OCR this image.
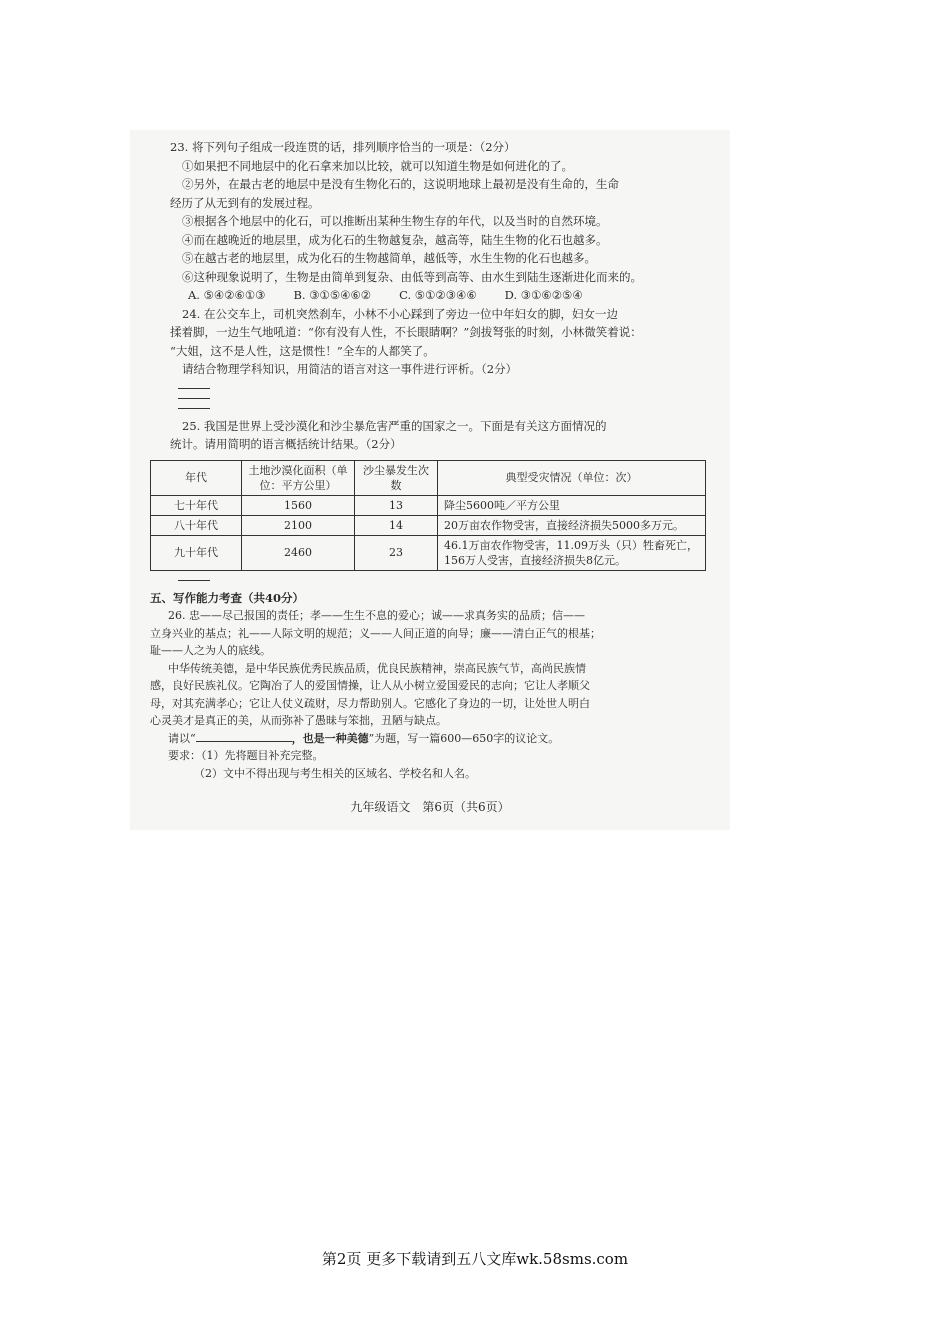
23. 将下列句子组成一段连贯的话，排列顺序恰当的一项是：（2分）
①如果把不同地层中的化石拿来加以比较，就可以知道生物是如何进化的了。
②另外，在最古老的地层中是没有生物化石的，这说明地球上最初是没有生命的，生命
经历了从无到有的发展过程。
③根据各个地层中的化石，可以推断出某种生物生存的年代，以及当时的自然环境。
④而在越晚近的地层里，成为化石的生物越复杂，越高等，陆生生物的化石也越多。
⑤在越古老的地层里，成为化石的生物越简单，越低等，水生生物的化石也越多。
⑥这种现象说明了，生物是由简单到复杂、由低等到高等、由水生到陆生逐渐进化而来的。
A. ⑤④②⑥①③ B. ③①⑤④⑥② C. ⑤①②③④⑥ D. ③①⑥②⑤④
24. 在公交车上，司机突然刹车，小林不小心踩到了旁边一位中年妇女的脚，妇女一边
揉着脚，一边生气地吼道：“你有没有人性，不长眼睛啊？”剑拔弩张的时刻，小林微笑着说：
“大姐，这不是人性，这是惯性！”全车的人都笑了。
请结合物理学科知识，用简洁的语言对这一事件进行评析。（2分）
25. 我国是世界上受沙漠化和沙尘暴危害严重的国家之一。下面是有关这方面情况的
统计。请用简明的语言概括统计结果。（2分）
年代	土地沙漠化面积（单位：平方公里）	沙尘暴发生次数	典型受灾情况（单位：次）
七十年代	1560	13	降尘5600吨／平方公里
八十年代	2100	14	20万亩农作物受害，直接经济损失5000多万元。
九十年代	2460	23	46.1万亩农作物受害，11.09万头（只）牲畜死亡，156万人受害，直接经济损失8亿元。
五、写作能力考查（共40分）
26. 忠——尽己报国的责任；孝——生生不息的爱心；诚——求真务实的品质；信——
立身兴业的基点；礼——人际文明的规范；义——人间正道的向导；廉——清白正气的根基；
耻——人之为人的底线。
中华传统美德，是中华民族优秀民族品质，优良民族精神，崇高民族气节，高尚民族情
感，良好民族礼仪。它陶冶了人的爱国情操，让人从小树立爱国爱民的志向；它让人孝顺父
母，对其充满孝心；它让人仗义疏财，尽力帮助别人。它感化了身边的一切，让处世人明白
心灵美才是真正的美，从而弥补了愚昧与笨拙，丑陋与缺点。
请以“	，也是一种美德”为题，写一篇600—650字的议论文。
要求：（1）先将题目补充完整。
（2）文中不得出现与考生相关的区域名、学校名和人名。
九年级语文　第6页（共6页）
第2页 更多下载请到五八文库wk.58sms.com
